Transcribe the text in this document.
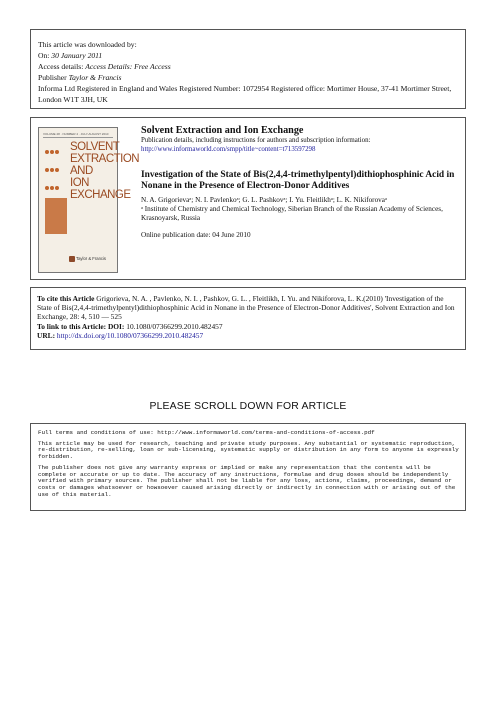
This article was downloaded by:
On: 30 January 2011
Access details: Access Details: Free Access
Publisher Taylor & Francis
Informa Ltd Registered in England and Wales Registered Number: 1072954 Registered office: Mortimer House, 37-41 Mortimer Street, London W1T 3JH, UK
VOLUME 28 · NUMBER 4 · JULY-AUGUST 2010

SOLVENT EXTRACTION AND ION EXCHANGE
Taylor & Francis
Solvent Extraction and Ion Exchange
Publication details, including instructions for authors and subscription information:
http://www.informaworld.com/smpp/title~content=t713597298
Investigation of the State of Bis(2,4,4-trimethylpentyl)dithiophosphinic Acid in Nonane in the Presence of Electron-Donor Additives
N. A. Grigorievaᵃ; N. I. Pavlenkoᵃ; G. L. Pashkovᵃ; I. Yu. Fleitlikhᵃ; L. K. Nikiforovaᵃ
ᵃ Institute of Chemistry and Chemical Technology, Siberian Branch of the Russian Academy of Sciences, Krasnoyarsk, Russia
Online publication date: 04 June 2010

To cite this Article Grigorieva, N. A. , Pavlenko, N. I. , Pashkov, G. L. , Fleitlikh, I. Yu. and Nikiforova, L. K.(2010) 'Investigation of the State of Bis(2,4,4-trimethylpentyl)dithiophosphinic Acid in Nonane in the Presence of Electron-Donor Additives', Solvent Extraction and Ion Exchange, 28: 4, 510 — 525

To link to this Article: DOI: 10.1080/07366299.2010.482457

URL: http://dx.doi.org/10.1080/07366299.2010.482457

PLEASE SCROLL DOWN FOR ARTICLE

Full terms and conditions of use: http://www.informaworld.com/terms-and-conditions-of-access.pdf

This article may be used for research, teaching and private study purposes. Any substantial or systematic reproduction, re-distribution, re-selling, loan or sub-licensing, systematic supply or distribution in any form to anyone is expressly forbidden.

The publisher does not give any warranty express or implied or make any representation that the contents will be complete or accurate or up to date. The accuracy of any instructions, formulae and drug doses should be independently verified with primary sources. The publisher shall not be liable for any loss, actions, claims, proceedings, demand or costs or damages whatsoever or howsoever caused arising directly or indirectly in connection with or arising out of the use of this material.
